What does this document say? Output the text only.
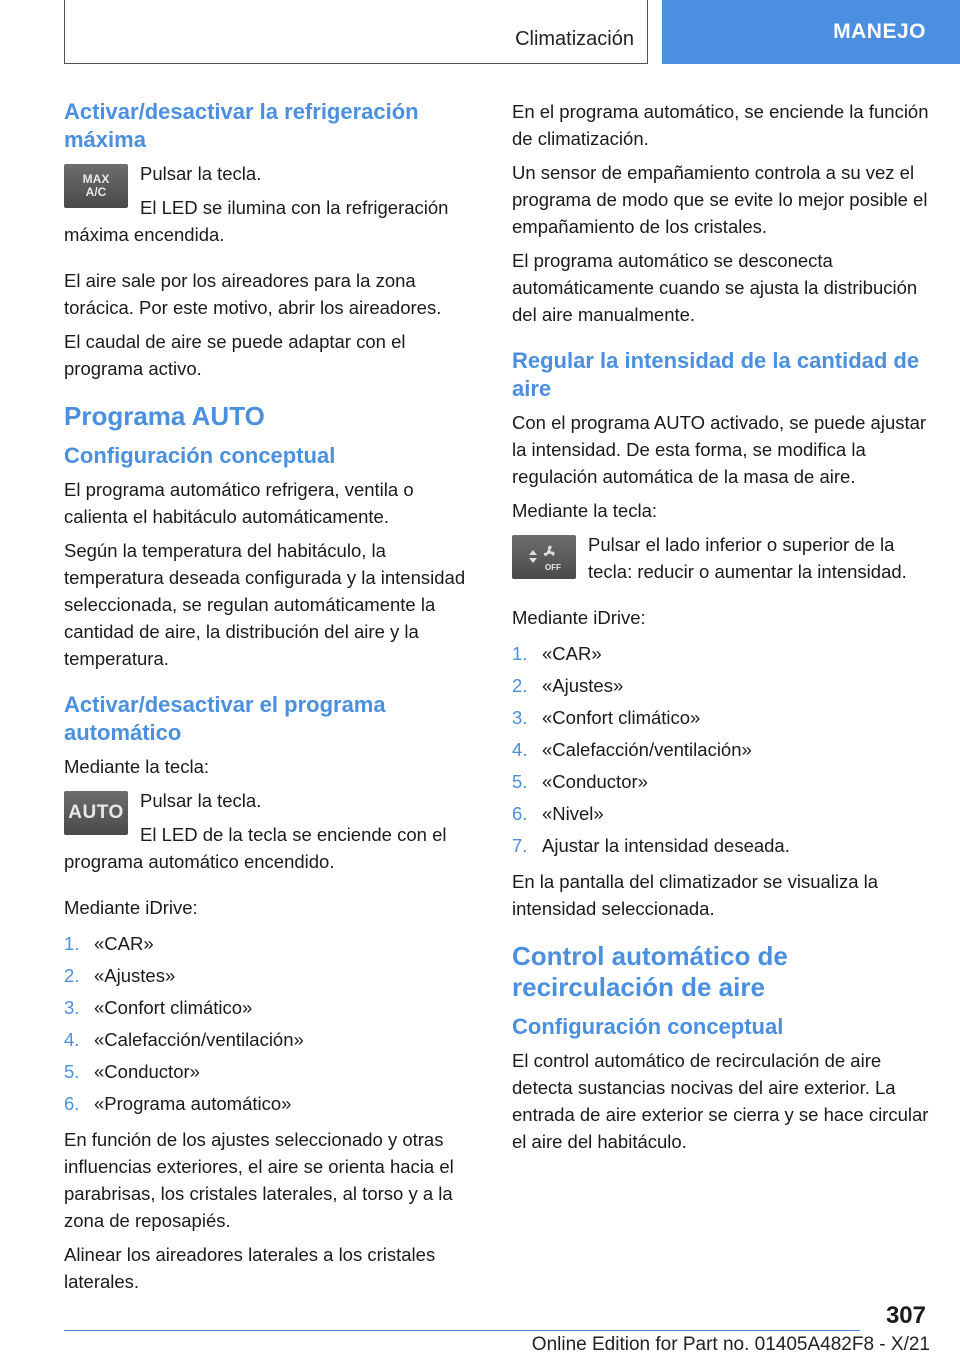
Climatización	MANEJO
Activar/desactivar la refrigeración máxima
MAX
A/C

Pulsar la tecla.

El LED se ilumina con la refrigeración máxima encendida.

El aire sale por los aireadores para la zona torácica. Por este motivo, abrir los aireadores.

El caudal de aire se puede adaptar con el programa activo.

Programa AUTO
Configuración conceptual

El programa automático refrigera, ventila o calienta el habitáculo automáticamente.

Según la temperatura del habitáculo, la temperatura deseada configurada y la intensidad seleccionada, se regulan automáticamente la cantidad de aire, la distribución del aire y la temperatura.

Activar/desactivar el programa automático

Mediante la tecla:

AUTO

Pulsar la tecla.

El LED de la tecla se enciende con el programa automático encendido.

Mediante iDrive:

1. «CAR»
2. «Ajustes»
3. «Confort climático»
4. «Calefacción/ventilación»
5. «Conductor»
6. «Programa automático»

En función de los ajustes seleccionado y otras influencias exteriores, el aire se orienta hacia el parabrisas, los cristales laterales, al torso y a la zona de reposapiés.

Alinear los aireadores laterales a los cristales laterales.

En el programa automático, se enciende la función de climatización.

Un sensor de empañamiento controla a su vez el programa de modo que se evite lo mejor posible el empañamiento de los cristales.

El programa automático se desconecta automáticamente cuando se ajusta la distribución del aire manualmente.

Regular la intensidad de la cantidad de aire

Con el programa AUTO activado, se puede ajustar la intensidad. De esta forma, se modifica la regulación automática de la masa de aire.

Mediante la tecla:

OFF

Pulsar el lado inferior o superior de la tecla: reducir o aumentar la intensidad.

Mediante iDrive:

1. «CAR»
2. «Ajustes»
3. «Confort climático»
4. «Calefacción/ventilación»
5. «Conductor»
6. «Nivel»
7. Ajustar la intensidad deseada.

En la pantalla del climatizador se visualiza la intensidad seleccionada.

Control automático de recirculación de aire
Configuración conceptual

El control automático de recirculación de aire detecta sustancias nocivas del aire exterior. La entrada de aire exterior se cierra y se hace circular el aire del habitáculo.

307
Online Edition for Part no. 01405A482F8 - X/21
